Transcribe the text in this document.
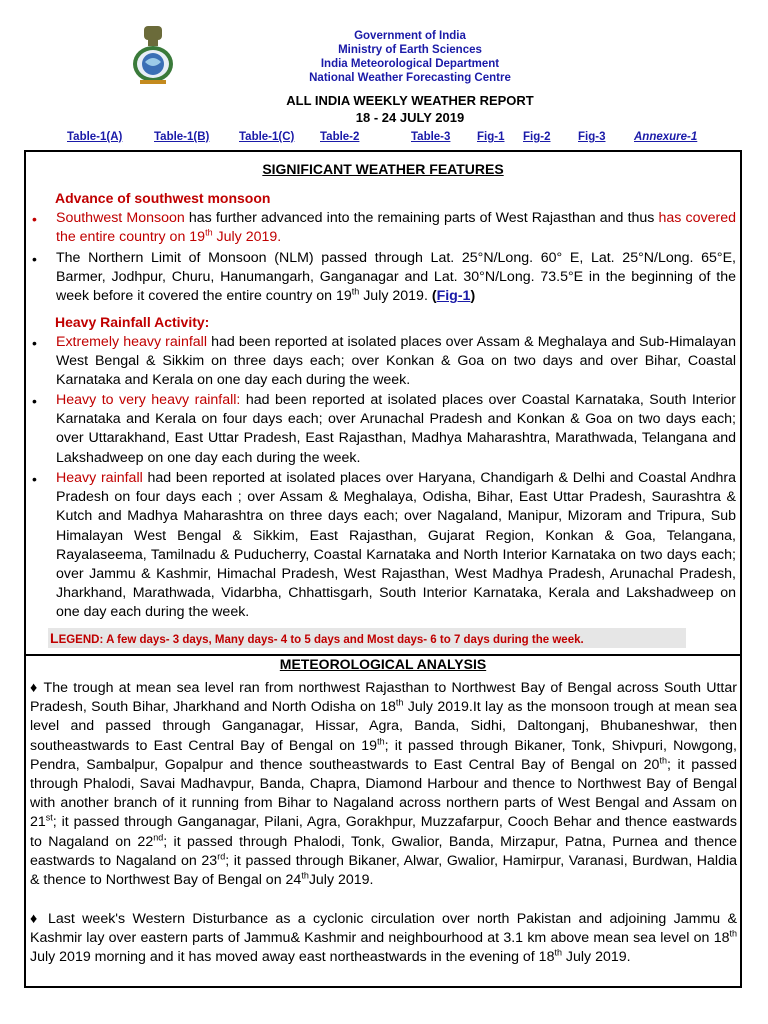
Government of India
Ministry of Earth Sciences
India Meteorological Department
National Weather Forecasting Centre
ALL INDIA WEEKLY WEATHER REPORT
18 - 24 JULY 2019
Table-1(A)	Table-1(B)	Table-1(C) Table-2	Table-3 Fig-1 Fig-2 Fig-3 Annexure-1
SIGNIFICANT WEATHER FEATURES
Advance of southwest monsoon
• Southwest Monsoon has further advanced into the remaining parts of West Rajasthan and thus has covered the entire country on 19th July 2019.
• The Northern Limit of Monsoon (NLM) passed through Lat. 25°N/Long. 60° E, Lat. 25°N/Long. 65°E, Barmer, Jodhpur, Churu, Hanumangarh, Ganganagar and Lat. 30°N/Long. 73.5°E in the beginning of the week before it covered the entire country on 19th July 2019. (Fig-1)
Heavy Rainfall Activity:
• Extremely heavy rainfall had been reported at isolated places over Assam & Meghalaya and Sub-Himalayan West Bengal & Sikkim on three days each; over Konkan & Goa on two days and over Bihar, Coastal Karnataka and Kerala on one day each during the week.
• Heavy to very heavy rainfall: had been reported at isolated places over Coastal Karnataka, South Interior Karnataka and Kerala on four days each; over Arunachal Pradesh and Konkan & Goa on two days each; over Uttarakhand, East Uttar Pradesh, East Rajasthan, Madhya Maharashtra, Marathwada, Telangana and Lakshadweep on one day each during the week.
• Heavy rainfall had been reported at isolated places over Haryana, Chandigarh & Delhi and Coastal Andhra Pradesh on four days each ; over Assam & Meghalaya, Odisha, Bihar, East Uttar Pradesh, Saurashtra & Kutch and Madhya Maharashtra on three days each; over Nagaland, Manipur, Mizoram and Tripura, Sub Himalayan West Bengal & Sikkim, East Rajasthan, Gujarat Region, Konkan & Goa, Telangana, Rayalaseema, Tamilnadu & Puducherry, Coastal Karnataka and North Interior Karnataka on two days each; over Jammu & Kashmir, Himachal Pradesh, West Rajasthan, West Madhya Pradesh, Arunachal Pradesh, Jharkhand, Marathwada, Vidarbha, Chhattisgarh, South Interior Karnataka, Kerala and Lakshadweep on one day each during the week.
LEGEND: A few days- 3 days, Many days- 4 to 5 days and Most days- 6 to 7 days during the week.
METEOROLOGICAL ANALYSIS
♦ The trough at mean sea level ran from northwest Rajasthan to Northwest Bay of Bengal across South Uttar Pradesh, South Bihar, Jharkhand and North Odisha on 18th July 2019.It lay as the monsoon trough at mean sea level and passed through Ganganagar, Hissar, Agra, Banda, Sidhi, Daltonganj, Bhubaneshwar, then southeastwards to East Central Bay of Bengal on 19th; it passed through Bikaner, Tonk, Shivpuri, Nowgong, Pendra, Sambalpur, Gopalpur and thence southeastwards to East Central Bay of Bengal on 20th; it passed through Phalodi, Savai Madhavpur, Banda, Chapra, Diamond Harbour and thence to Northwest Bay of Bengal with another branch of it running from Bihar to Nagaland across northern parts of West Bengal and Assam on 21st; it passed through Ganganagar, Pilani, Agra, Gorakhpur, Muzzafarpur, Cooch Behar and thence eastwards to Nagaland on 22nd; it passed through Phalodi, Tonk, Gwalior, Banda, Mirzapur, Patna, Purnea and thence eastwards to Nagaland on 23rd; it passed through Bikaner, Alwar, Gwalior, Hamirpur, Varanasi, Burdwan, Haldia & thence to Northwest Bay of Bengal on 24thJuly 2019.
♦ Last week's Western Disturbance as a cyclonic circulation over north Pakistan and adjoining Jammu & Kashmir lay over eastern parts of Jammu& Kashmir and neighbourhood at 3.1 km above mean sea level on 18th July 2019 morning and it has moved away east northeastwards in the evening of 18th July 2019.
